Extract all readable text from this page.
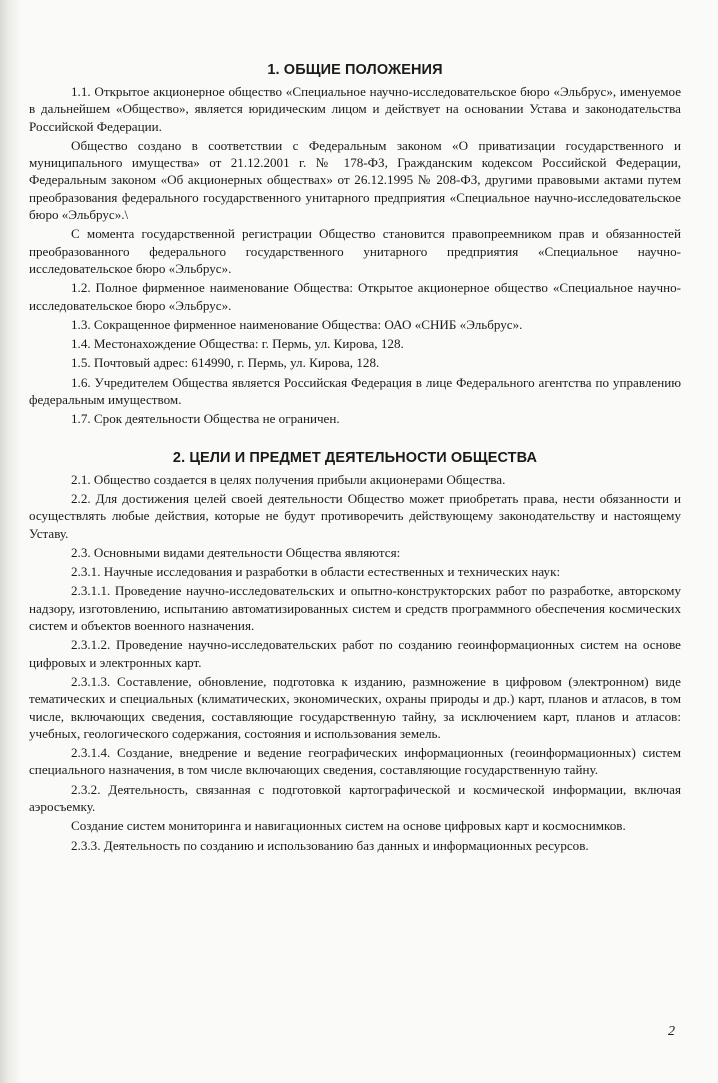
1. ОБЩИЕ ПОЛОЖЕНИЯ

1.1. Открытое акционерное общество «Специальное научно-исследовательское бюро «Эльбрус», именуемое в дальнейшем «Общество», является юридическим лицом и действует на основании Устава и законодательства Российской Федерации.

Общество создано в соответствии с Федеральным законом «О приватизации государственного и муниципального имущества» от 21.12.2001 г. № 178-ФЗ, Гражданским кодексом Российской Федерации, Федеральным законом «Об акционерных обществах» от 26.12.1995 № 208-ФЗ, другими правовыми актами путем преобразования федерального государственного унитарного предприятия «Специальное научно-исследовательское бюро «Эльбрус».\

С момента государственной регистрации Общество становится правопреемником прав и обязанностей преобразованного федерального государственного унитарного предприятия «Специальное научно-исследовательское бюро «Эльбрус».

1.2. Полное фирменное наименование Общества: Открытое акционерное общество «Специальное научно-исследовательское бюро «Эльбрус».

1.3. Сокращенное фирменное наименование Общества: ОАО «СНИБ «Эльбрус».

1.4. Местонахождение Общества: г. Пермь, ул. Кирова, 128.

1.5. Почтовый адрес: 614990, г. Пермь, ул. Кирова, 128.

1.6. Учредителем Общества является Российская Федерация в лице Федерального агентства по управлению федеральным имуществом.

1.7. Срок деятельности Общества не ограничен.

2. ЦЕЛИ И ПРЕДМЕТ ДЕЯТЕЛЬНОСТИ ОБЩЕСТВА

2.1. Общество создается в целях получения прибыли акционерами Общества.

2.2. Для достижения целей своей деятельности Общество может приобретать права, нести обязанности и осуществлять любые действия, которые не будут противоречить действующему законодательству и настоящему Уставу.

2.3. Основными видами деятельности Общества являются:

2.3.1. Научные исследования и разработки в области естественных и технических наук:

2.3.1.1. Проведение научно-исследовательских и опытно-конструкторских работ по разработке, авторскому надзору, изготовлению, испытанию автоматизированных систем и средств программного обеспечения космических систем и объектов военного назначения.

2.3.1.2. Проведение научно-исследовательских работ по созданию геоинформационных систем на основе цифровых и электронных карт.

2.3.1.3. Составление, обновление, подготовка к изданию, размножение в цифровом (электронном) виде тематических и специальных (климатических, экономических, охраны природы и др.) карт, планов и атласов, в том числе, включающих сведения, составляющие государственную тайну, за исключением карт, планов и атласов: учебных, геологического содержания, состояния и использования земель.

2.3.1.4. Создание, внедрение и ведение географических информационных (геоинформационных) систем специального назначения, в том числе включающих сведения, составляющие государственную тайну.

2.3.2. Деятельность, связанная с подготовкой картографической и космической информации, включая аэросъемку.

Создание систем мониторинга и навигационных систем на основе цифровых карт и космоснимков.

2.3.3. Деятельность по созданию и использованию баз данных и информационных ресурсов.

2
